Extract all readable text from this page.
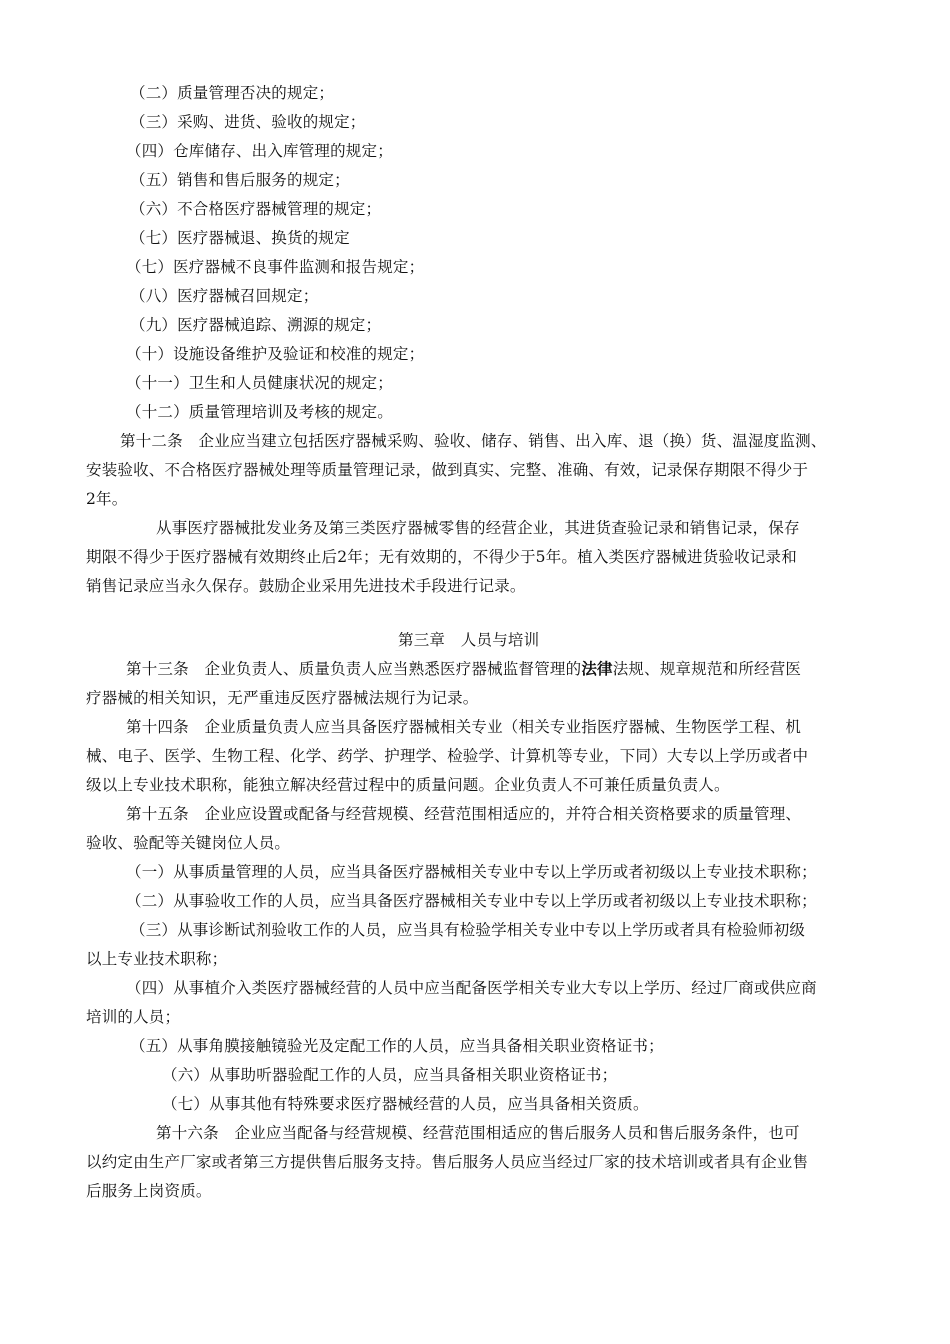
（二）质量管理否决的规定；
（三）采购、进货、验收的规定；
（四）仓库储存、出入库管理的规定；
（五）销售和售后服务的规定；
（六）不合格医疗器械管理的规定；
（七）医疗器械退、换货的规定
（七）医疗器械不良事件监测和报告规定；
（八）医疗器械召回规定；
（九）医疗器械追踪、溯源的规定；
（十）设施设备维护及验证和校准的规定；
（十一）卫生和人员健康状况的规定；
（十二）质量管理培训及考核的规定。
第十二条　企业应当建立包括医疗器械采购、验收、储存、销售、出入库、退（换）货、温湿度监测、
安装验收、不合格医疗器械处理等质量管理记录，做到真实、完整、准确、有效，记录保存期限不得少于
2年。
从事医疗器械批发业务及第三类医疗器械零售的经营企业，其进货查验记录和销售记录，保存
期限不得少于医疗器械有效期终止后2年；无有效期的，不得少于5年。植入类医疗器械进货验收记录和
销售记录应当永久保存。鼓励企业采用先进技术手段进行记录。
第三章　人员与培训
第十三条　企业负责人、质量负责人应当熟悉医疗器械监督管理的法律法规、规章规范和所经营医
疗器械的相关知识，无严重违反医疗器械法规行为记录。
第十四条　企业质量负责人应当具备医疗器械相关专业（相关专业指医疗器械、生物医学工程、机
械、电子、医学、生物工程、化学、药学、护理学、检验学、计算机等专业，下同）大专以上学历或者中
级以上专业技术职称，能独立解决经营过程中的质量问题。企业负责人不可兼任质量负责人。
第十五条　企业应设置或配备与经营规模、经营范围相适应的，并符合相关资格要求的质量管理、
验收、验配等关键岗位人员。
（一）从事质量管理的人员，应当具备医疗器械相关专业中专以上学历或者初级以上专业技术职称；
（二）从事验收工作的人员，应当具备医疗器械相关专业中专以上学历或者初级以上专业技术职称；
（三）从事诊断试剂验收工作的人员，应当具有检验学相关专业中专以上学历或者具有检验师初级
以上专业技术职称；
（四）从事植介入类医疗器械经营的人员中应当配备医学相关专业大专以上学历、经过厂商或供应商
培训的人员；
（五）从事角膜接触镜验光及定配工作的人员，应当具备相关职业资格证书；
（六）从事助听器验配工作的人员，应当具备相关职业资格证书；
（七）从事其他有特殊要求医疗器械经营的人员，应当具备相关资质。
第十六条　企业应当配备与经营规模、经营范围相适应的售后服务人员和售后服务条件，也可
以约定由生产厂家或者第三方提供售后服务支持。售后服务人员应当经过厂家的技术培训或者具有企业售
后服务上岗资质。
